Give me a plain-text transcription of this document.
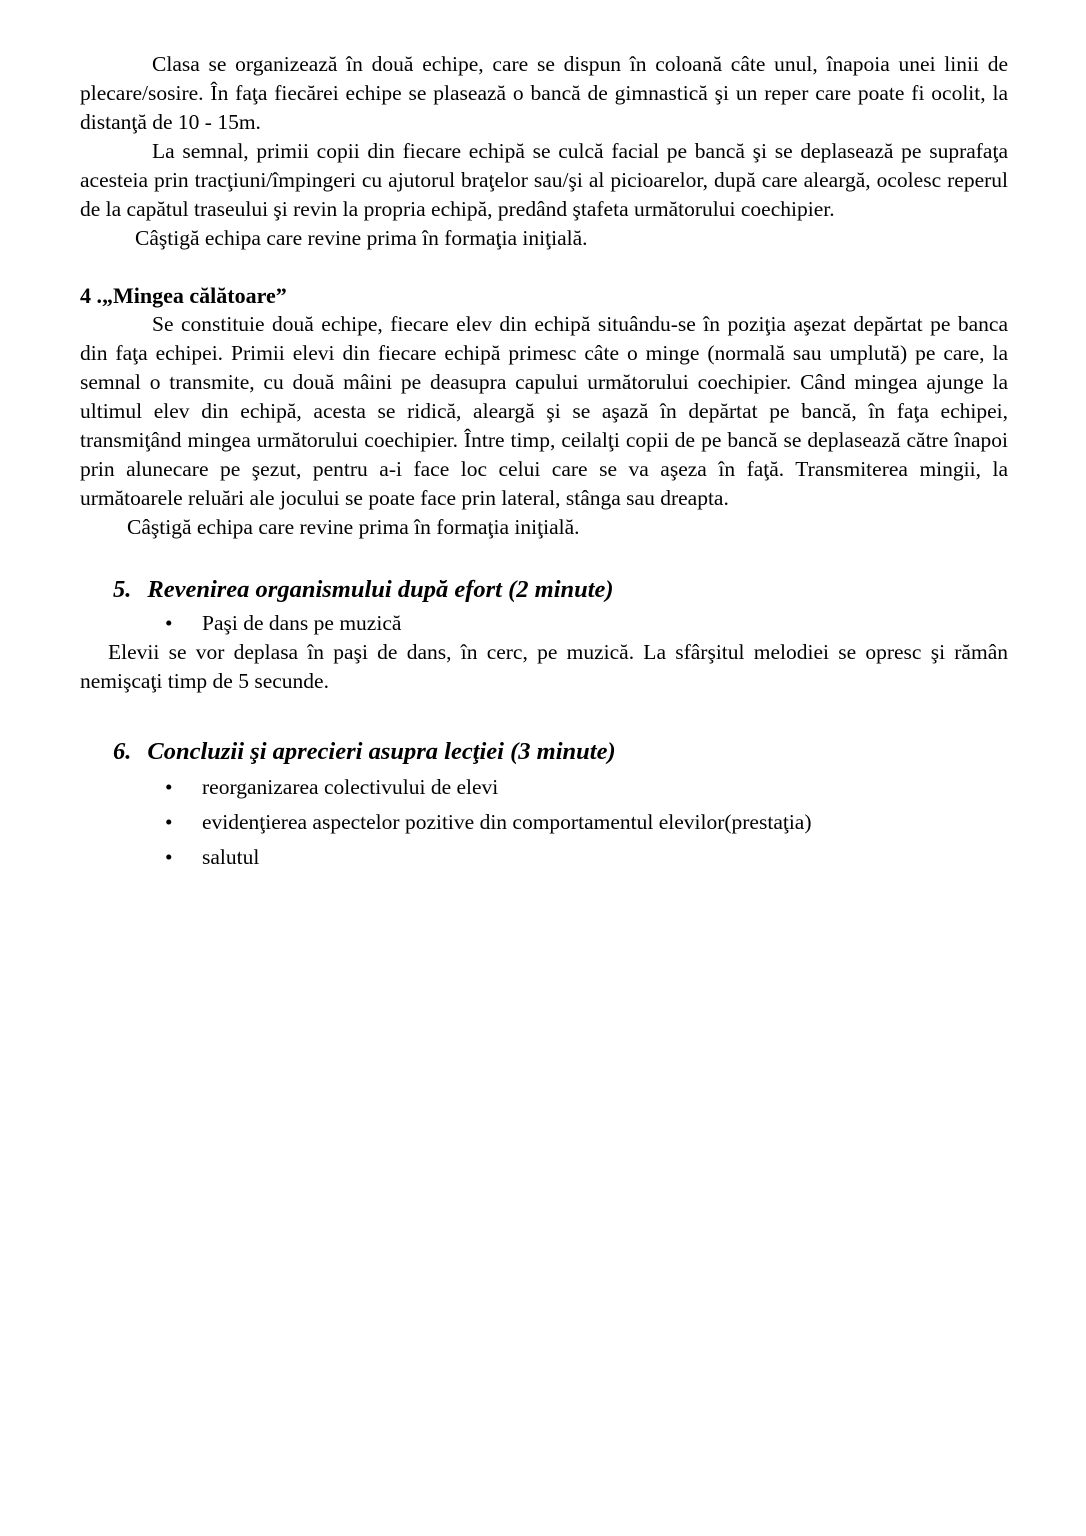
Clasa se organizează în două echipe, care se dispun în coloană câte unul, înapoia unei linii de plecare/sosire. În faţa fiecărei echipe se plasează o bancă de gimnastică şi un reper care poate fi ocolit, la distanţă de 10 - 15m.

La semnal, primii copii din fiecare echipă se culcă facial pe bancă şi se deplasează pe suprafaţa acesteia prin tracţiuni/împingeri cu ajutorul braţelor sau/şi al picioarelor, după care aleargă, ocolesc reperul de la capătul traseului şi revin la propria echipă, predând ştafeta următorului coechipier.

Câştigă echipa care revine prima în formaţia iniţială.

4 .„Mingea călătoare”

Se constituie două echipe, fiecare elev din echipă situându-se în poziţia aşezat depărtat pe banca din faţa echipei. Primii elevi din fiecare echipă primesc câte o minge (normală sau umplută) pe care, la semnal o transmite, cu două mâini pe deasupra capului următorului coechipier. Când mingea ajunge la ultimul elev din echipă, acesta se ridică, aleargă şi se aşază în depărtat pe bancă, în faţa echipei, transmiţând mingea următorului coechipier. Între timp, ceilalţi copii de pe bancă se deplasează către înapoi prin alunecare pe şezut, pentru a-i face loc celui care se va aşeza în faţă. Transmiterea mingii, la următoarele reluări ale jocului se poate face prin lateral, stânga sau dreapta.

Câştigă echipa care revine prima în formaţia iniţială.

5. Revenirea organismului după efort (2 minute)
•	Paşi de dans pe muzică

Elevii se vor deplasa în paşi de dans, în cerc, pe muzică. La sfârşitul melodiei se opresc şi rămân nemişcaţi timp de 5 secunde.

6. Concluzii şi aprecieri asupra lecţiei (3 minute)
•	reorganizarea colectivului de elevi
•	evidenţierea aspectelor pozitive din comportamentul elevilor(prestaţia)
•	salutul
